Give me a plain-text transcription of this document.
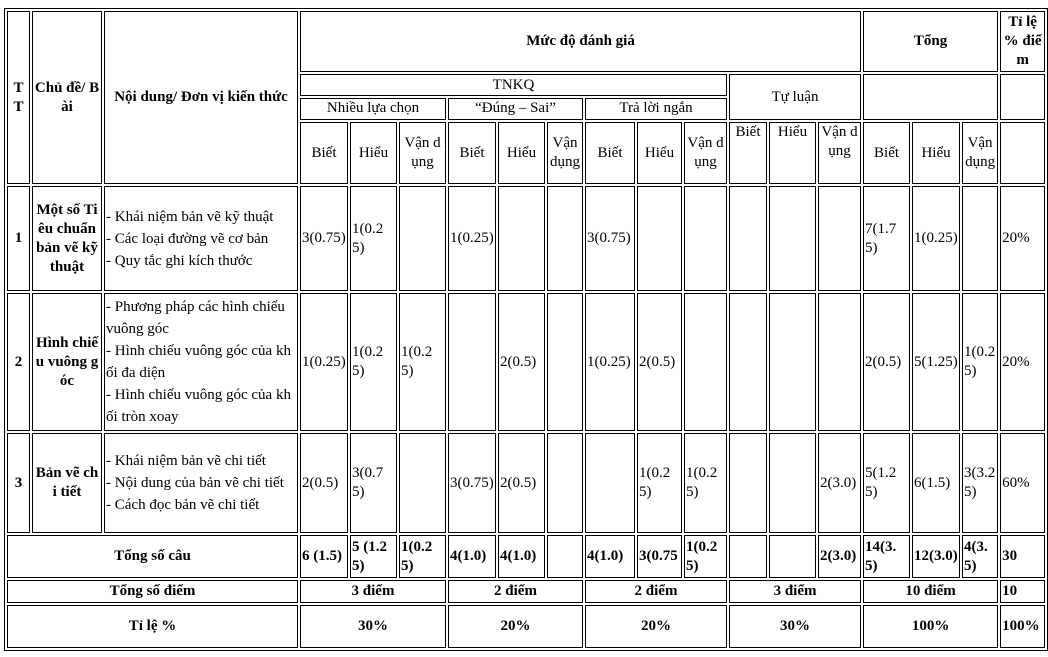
TT	Chủ đề/ Bài	Nội dung/ Đơn vị kiến thức	Mức độ đánh giá												Tổng			Tỉ lệ % điểm
			TNKQ									Tự luận						
			Nhiều lựa chọn			“Đúng – Sai”			Trả lời ngắn									
			Biết	Hiểu	Vận dụng	Biết	Hiểu	Vận dụng	Biết	Hiểu	Vận dụng	Biết	Hiểu	Vận dụng	Biết	Hiểu	Vận dụng	
1	Một số Tiêu chuẩn bản vẽ kỹ thuật	- Khái niệm bản vẽ kỹ thuật
- Các loại đường vẽ cơ bản
- Quy tắc ghi kích thước	3(0.75)	1(0.25)		1(0.25)			3(0.75)						7(1.75)	1(0.25)		20%
2	Hình chiếu vuông góc	- Phương pháp các hình chiếu vuông góc
- Hình chiếu vuông góc của khối đa diện
- Hình chiếu vuông góc của khối tròn xoay	1(0.25)	1(0.25)	1(0.25)		2(0.5)		1(0.25)	2(0.5)					2(0.5)	5(1.25)	1(0.25)	20%
3	Bản vẽ chi tiết	- Khái niệm bản vẽ chi tiết
- Nội dung của bản vẽ chi tiết
- Cách đọc bản vẽ chi tiết	2(0.5)	3(0.75)		3(0.75)	2(0.5)			1(0.25)	1(0.25)			2(3.0)	5(1.25)	6(1.5)	3(3.25)	60%
Tổng số câu			6 (1.5)	5 (1.25)	1(0.25)	4(1.0)	4(1.0)		4(1.0)	3(0.75	1(0.25)			2(3.0)	14(3.5)	12(3.0)	4(3.5)	30
Tổng số điểm			3 điểm			2 điểm			2 điểm			3 điểm			10 điểm			10
Tỉ lệ %			30%			20%			20%			30%			100%			100%
